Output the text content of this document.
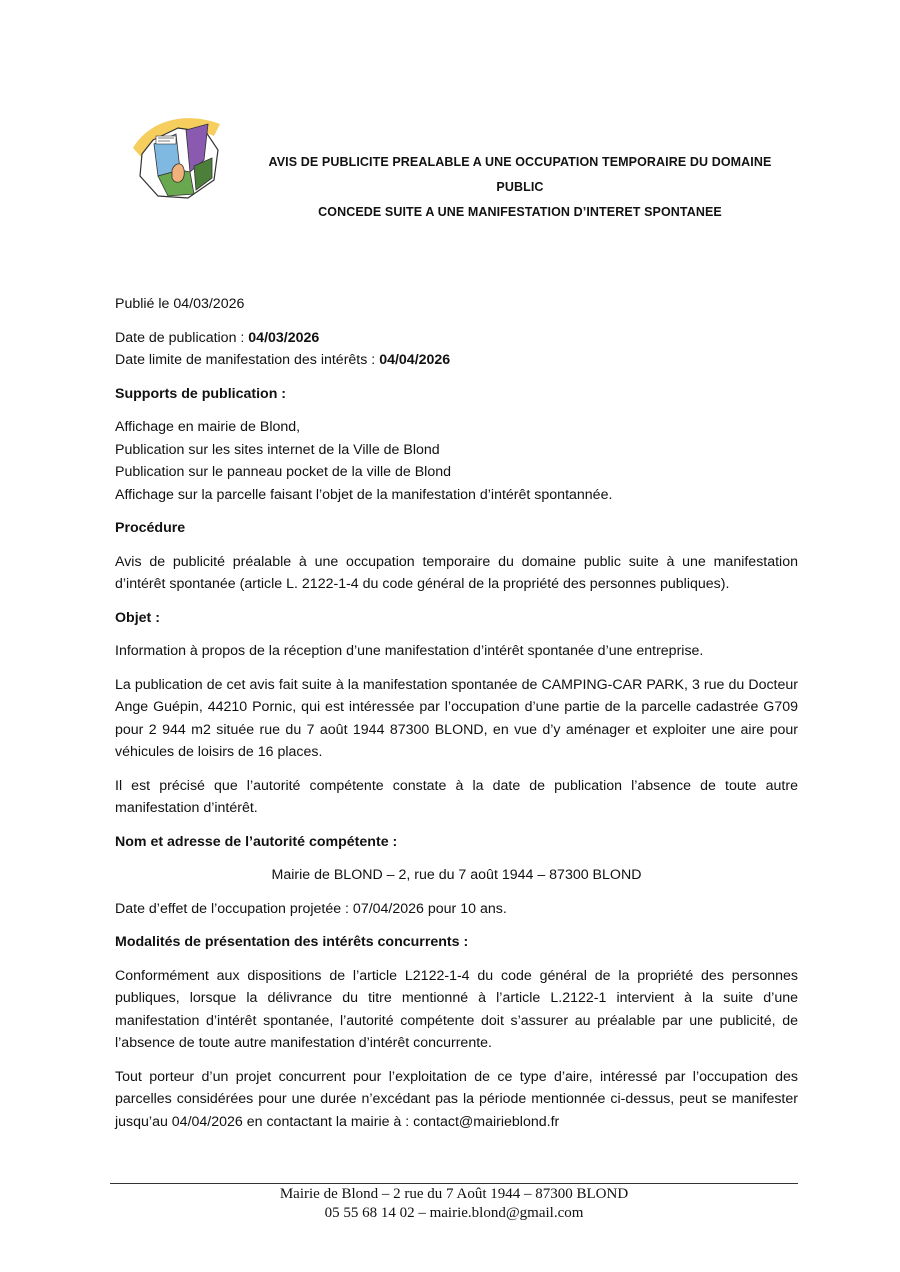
AVIS DE PUBLICITE PREALABLE A UNE OCCUPATION TEMPORAIRE DU DOMAINE PUBLIC
CONCEDE SUITE A UNE MANIFESTATION D’INTERET SPONTANEE

Publié le 04/03/2026

Date de publication : 04/03/2026

Date limite de manifestation des intérêts : 04/04/2026

Supports de publication :

Affichage en mairie de Blond,

Publication sur les sites internet de la Ville de Blond

Publication sur le panneau pocket de la ville de Blond

Affichage sur la parcelle faisant l’objet de la manifestation d’intérêt spontannée.

Procédure

Avis de publicité préalable à une occupation temporaire du domaine public suite à une manifestation d’intérêt spontanée (article L. 2122-1-4 du code général de la propriété des personnes publiques).

Objet :

Information à propos de la réception d’une manifestation d’intérêt spontanée d’une entreprise.

La publication de cet avis fait suite à la manifestation spontanée de CAMPING-CAR PARK, 3 rue du Docteur Ange Guépin, 44210 Pornic, qui est intéressée par l’occupation d’une partie de la parcelle cadastrée G709 pour 2 944 m2 située rue du 7 août 1944 87300 BLOND, en vue d’y aménager et exploiter une aire pour véhicules de loisirs de 16 places.

Il est précisé que l’autorité compétente constate à la date de publication l’absence de toute autre manifestation d’intérêt.

Nom et adresse de l’autorité compétente :

Mairie de BLOND – 2, rue du 7 août 1944 – 87300 BLOND

Date d’effet de l’occupation projetée : 07/04/2026 pour 10 ans.

Modalités de présentation des intérêts concurrents :

Conformément aux dispositions de l’article L2122-1-4 du code général de la propriété des personnes publiques, lorsque la délivrance du titre mentionné à l’article L.2122-1 intervient à la suite d’une manifestation d’intérêt spontanée, l’autorité compétente doit s’assurer au préalable par une publicité, de l’absence de toute autre manifestation d’intérêt concurrente.

Tout porteur d’un projet concurrent pour l’exploitation de ce type d’aire, intéressé par l’occupation des parcelles considérées pour une durée n’excédant pas la période mentionnée ci-dessus, peut se manifester jusqu’au 04/04/2026 en contactant la mairie à : contact@mairieblond.fr

Mairie de Blond – 2 rue du 7 Août 1944 – 87300 BLOND
05 55 68 14 02 – mairie.blond@gmail.com
